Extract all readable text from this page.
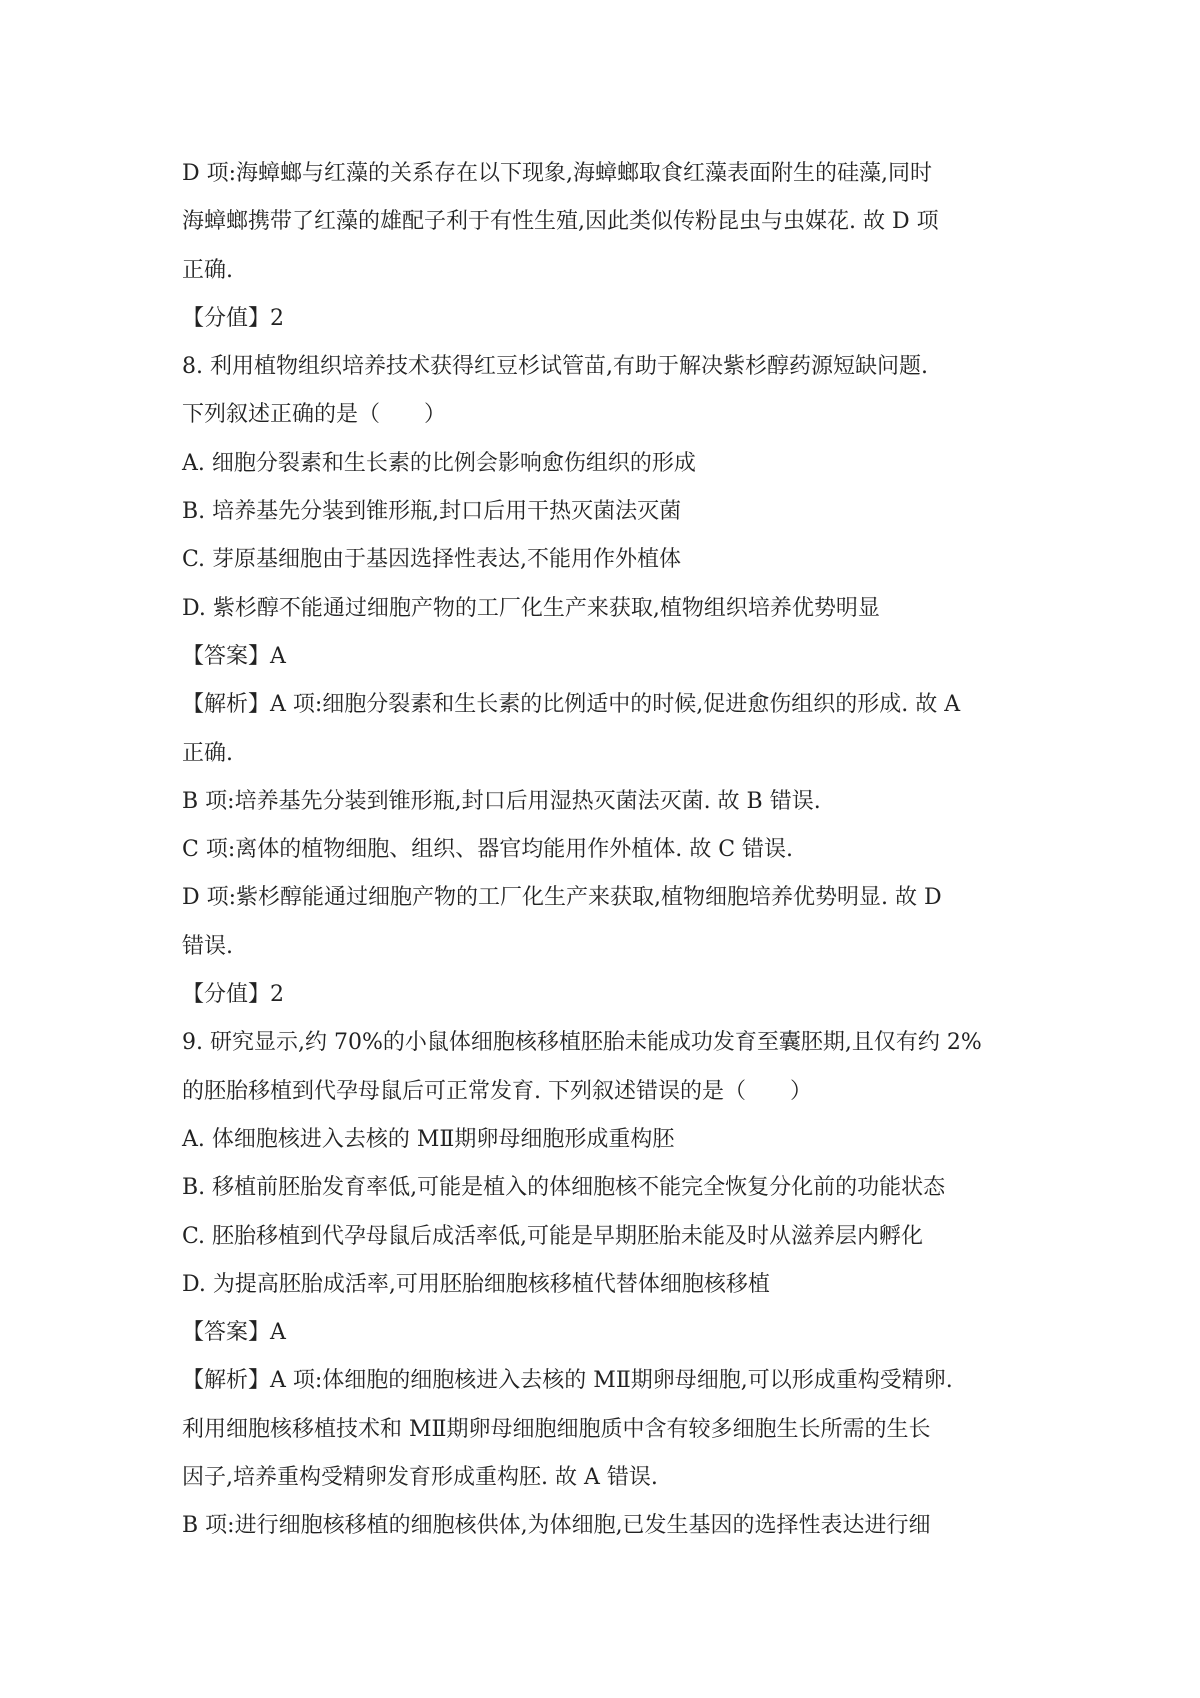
D 项:海蟑螂与红藻的关系存在以下现象,海蟑螂取食红藻表面附生的硅藻,同时
海蟑螂携带了红藻的雄配子利于有性生殖,因此类似传粉昆虫与虫媒花. 故 D 项
正确.
【分值】2
8. 利用植物组织培养技术获得红豆杉试管苗,有助于解决紫杉醇药源短缺问题.
下列叙述正确的是（　　）
A. 细胞分裂素和生长素的比例会影响愈伤组织的形成
B. 培养基先分装到锥形瓶,封口后用干热灭菌法灭菌
C. 芽原基细胞由于基因选择性表达,不能用作外植体
D. 紫杉醇不能通过细胞产物的工厂化生产来获取,植物组织培养优势明显
【答案】A
【解析】A 项:细胞分裂素和生长素的比例适中的时候,促进愈伤组织的形成. 故 A
正确.
B 项:培养基先分装到锥形瓶,封口后用湿热灭菌法灭菌. 故 B 错误.
C 项:离体的植物细胞、组织、器官均能用作外植体. 故 C 错误.
D 项:紫杉醇能通过细胞产物的工厂化生产来获取,植物细胞培养优势明显. 故 D
错误.
【分值】2
9. 研究显示,约 70%的小鼠体细胞核移植胚胎未能成功发育至囊胚期,且仅有约 2%
的胚胎移植到代孕母鼠后可正常发育. 下列叙述错误的是（　　）
A. 体细胞核进入去核的 MⅡ期卵母细胞形成重构胚
B. 移植前胚胎发育率低,可能是植入的体细胞核不能完全恢复分化前的功能状态
C. 胚胎移植到代孕母鼠后成活率低,可能是早期胚胎未能及时从滋养层内孵化
D. 为提高胚胎成活率,可用胚胎细胞核移植代替体细胞核移植
【答案】A
【解析】A 项:体细胞的细胞核进入去核的 MⅡ期卵母细胞,可以形成重构受精卵.
利用细胞核移植技术和 MⅡ期卵母细胞细胞质中含有较多细胞生长所需的生长
因子,培养重构受精卵发育形成重构胚. 故 A 错误.
B 项:进行细胞核移植的细胞核供体,为体细胞,已发生基因的选择性表达进行细
